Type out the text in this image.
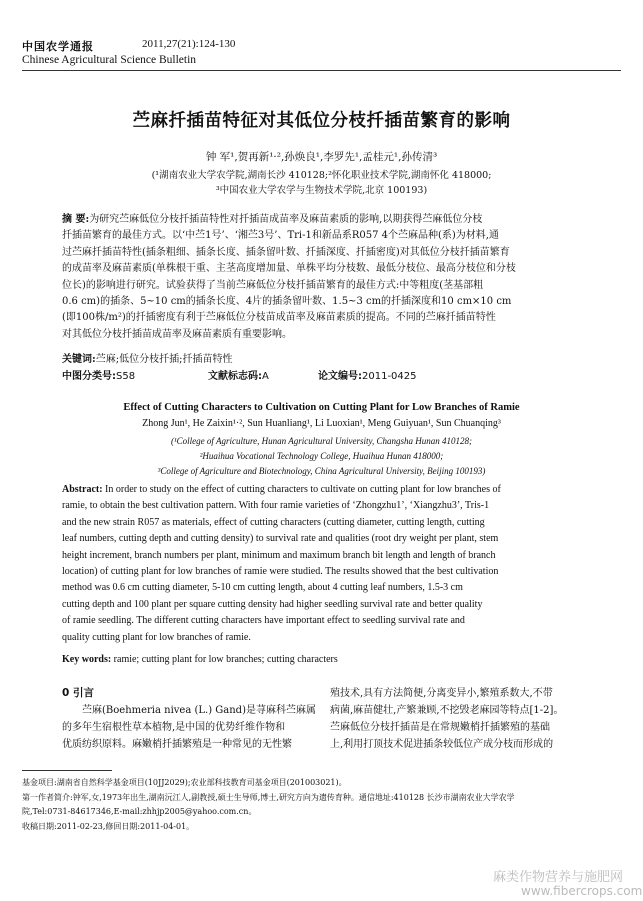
中国农学通报	2011,27(21):124-130
Chinese Agricultural Science Bulletin
苎麻扦插苗特征对其低位分枝扦插苗繁育的影响
钟 军¹,贺再新¹·²,孙焕良¹,李罗先¹,孟桂元¹,孙传清³
(¹湖南农业大学农学院,湖南长沙 410128;²怀化职业技术学院,湖南怀化 418000;
³中国农业大学农学与生物技术学院,北京 100193)
摘 要:为研究苎麻低位分枝扦插苗特性对扦插苗成苗率及麻苗素质的影响,以期获得苎麻低位分枝
扦插苗繁育的最佳方式。以‘中苎1号’、‘湘苎3号’、Tri-1和新品系R057 4个苎麻品种(系)为材料,通
过苎麻扦插苗特性(插条粗细、插条长度、插条留叶数、扦插深度、扦插密度)对其低位分枝扦插苗繁育
的成苗率及麻苗素质(单株根干重、主茎高度增加量、单株平均分枝数、最低分枝位、最高分枝位和分枝
位长)的影响进行研究。试验获得了当前苎麻低位分枝扦插苗繁育的最佳方式:中等粗度(茎基部粗
0.6 cm)的插条、5~10 cm的插条长度、4片的插条留叶数、1.5~3 cm的扦插深度和10 cm×10 cm
(即100株/m²)的扦插密度有利于苎麻低位分枝苗成苗率及麻苗素质的提高。不同的苎麻扦插苗特性
对其低位分枝扦插苗成苗率及麻苗素质有重要影响。
关键词:苎麻;低位分枝扦插;扦插苗特性
中图分类号:S58	文献标志码:A	论文编号:2011-0425
Effect of Cutting Characters to Cultivation on Cutting Plant for Low Branches of Ramie
Zhong Jun¹, He Zaixin¹·², Sun Huanliang¹, Li Luoxian¹, Meng Guiyuan¹, Sun Chuanqing³
(¹College of Agriculture, Hunan Agricultural University, Changsha Hunan 410128;
²Huaihua Vocational Technology College, Huaihua Hunan 418000;
³College of Agriculture and Biotechnology, China Agricultural University, Beijing 100193)
Abstract: In order to study on the effect of cutting characters to cultivate on cutting plant for low branches of
ramie, to obtain the best cultivation pattern. With four ramie varieties of ‘Zhongzhu1’, ‘Xiangzhu3’, Tris-1
and the new strain R057 as materials, effect of cutting characters (cutting diameter, cutting length, cutting
leaf numbers, cutting depth and cutting density) to survival rate and qualities (root dry weight per plant, stem
height increment, branch numbers per plant, minimum and maximum branch bit length and length of branch
location) of cutting plant for low branches of ramie were studied. The results showed that the best cultivation
method was 0.6 cm cutting diameter, 5-10 cm cutting length, about 4 cutting leaf numbers, 1.5-3 cm
cutting depth and 100 plant per square cutting density had higher seedling survival rate and better quality
of ramie seedling. The different cutting characters have important effect to seedling survival rate and
quality cutting plant for low branches of ramie.
Key words: ramie; cutting plant for low branches; cutting characters
0 引言
苎麻(Boehmeria nivea (L.) Gand)是荨麻科苎麻属
的多年生宿根性草本植物,是中国的优势纤维作物和
优质纺织原料。麻嫩梢扦插繁殖是一种常见的无性繁
殖技术,具有方法简便,分离变异小,繁殖系数大,不带
病菌,麻苗健壮,产繁兼顾,不挖毁老麻园等特点[1-2]。
苎麻低位分枝扦插苗是在常规嫩梢扦插繁殖的基础
上,利用打顶技术促进插条较低位产成分枝而形成的
基金项目:湖南省自然科学基金项目(10JJ2029);农业部科技教育司基金项目(201003021)。
第一作者简介:钟军,女,1973年出生,湖南沅江人,副教授,硕士生导师,博士,研究方向为遗传育种。通信地址:410128 长沙市湖南农业大学农学
院,Tel:0731-84617346,E-mail:zhhjp2005@yahoo.com.cn。
收稿日期:2011-02-23,修回日期:2011-04-01。
麻类作物营养与施肥网
www.fibercrops.com
